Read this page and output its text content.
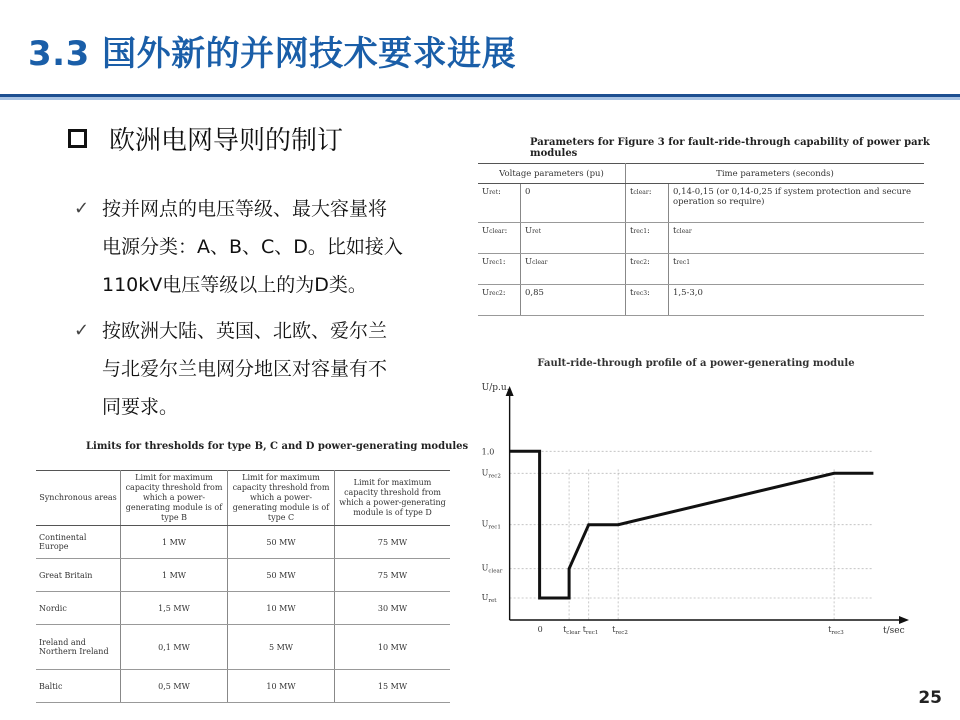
3.3 国外新的并网技术要求进展
欧洲电网导则的制订
✓ 按并网点的电压等级、最大容量将
电源分类：A、B、C、D。比如接入
110kV电压等级以上的为D类。
✓ 按欧洲大陆、英国、北欧、爱尔兰
与北爱尔兰电网分地区对容量有不
同要求。
Parameters for Figure 3 for fault-ride-through capability of power park modules
Voltage parameters (pu)		Time parameters (seconds)	
Uret:	0	tclear:	0,14-0,15 (or 0,14-0,25 if system protection and secure operation so require)
Uclear:	Uret	trec1:	tclear
Urec1:	Uclear	trec2:	trec1
Urec2:	0,85	trec3:	1,5-3,0
Limits for thresholds for type B, C and D power-generating modules
Synchronous areas	Limit for maximum capacity threshold from which a power-generating module is of type B	Limit for maximum capacity threshold from which a power-generating module is of type C	Limit for maximum capacity threshold from which a power-generating module is of type D
Continental Europe	1 MW	50 MW	75 MW
Great Britain	1 MW	50 MW	75 MW
Nordic	1,5 MW	10 MW	30 MW
Ireland and Northern Ireland	0,1 MW	5 MW	10 MW
Baltic	0,5 MW	10 MW	15 MW
Fault-ride-through profile of a power-generating module
U/p.u.
t/sec
1.0
$U_{rec2}$
$U_{rec1}$
$U_{clear}$
$U_{ret}$
0	$t_{clear}$ $t_{rec1}$ $t_{rec2}$	$t_{rec3}$
25
